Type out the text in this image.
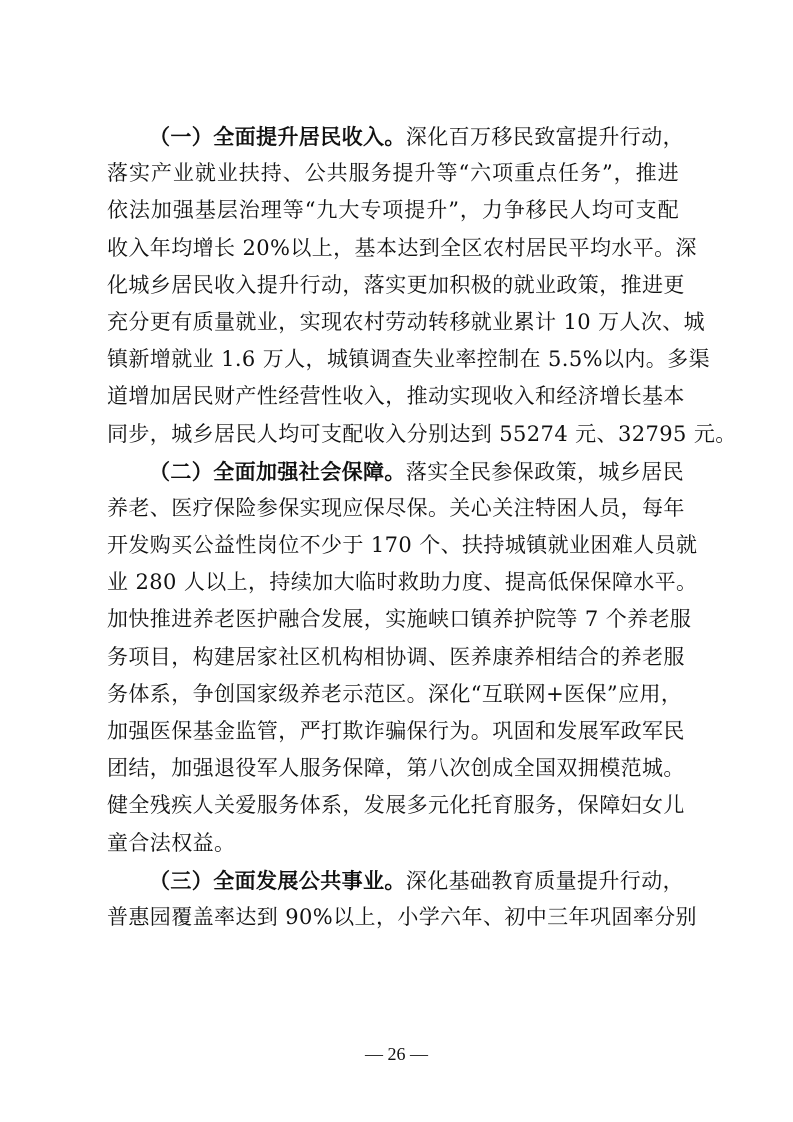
（一）全面提升居民收入。深化百万移民致富提升行动，
落实产业就业扶持、公共服务提升等“六项重点任务”，推进
依法加强基层治理等“九大专项提升”，力争移民人均可支配
收入年均增长 20%以上，基本达到全区农村居民平均水平。深
化城乡居民收入提升行动，落实更加积极的就业政策，推进更
充分更有质量就业，实现农村劳动转移就业累计 10 万人次、城
镇新增就业 1.6 万人，城镇调查失业率控制在 5.5%以内。多渠
道增加居民财产性经营性收入，推动实现收入和经济增长基本
同步，城乡居民人均可支配收入分别达到 55274 元、32795 元。
（二）全面加强社会保障。落实全民参保政策，城乡居民
养老、医疗保险参保实现应保尽保。关心关注特困人员，每年
开发购买公益性岗位不少于 170 个、扶持城镇就业困难人员就
业 280 人以上，持续加大临时救助力度、提高低保保障水平。
加快推进养老医护融合发展，实施峡口镇养护院等 7 个养老服
务项目，构建居家社区机构相协调、医养康养相结合的养老服
务体系，争创国家级养老示范区。深化“互联网+医保”应用，
加强医保基金监管，严打欺诈骗保行为。巩固和发展军政军民
团结，加强退役军人服务保障，第八次创成全国双拥模范城。
健全残疾人关爱服务体系，发展多元化托育服务，保障妇女儿
童合法权益。
（三）全面发展公共事业。深化基础教育质量提升行动，
普惠园覆盖率达到 90%以上，小学六年、初中三年巩固率分别
— 26 —
